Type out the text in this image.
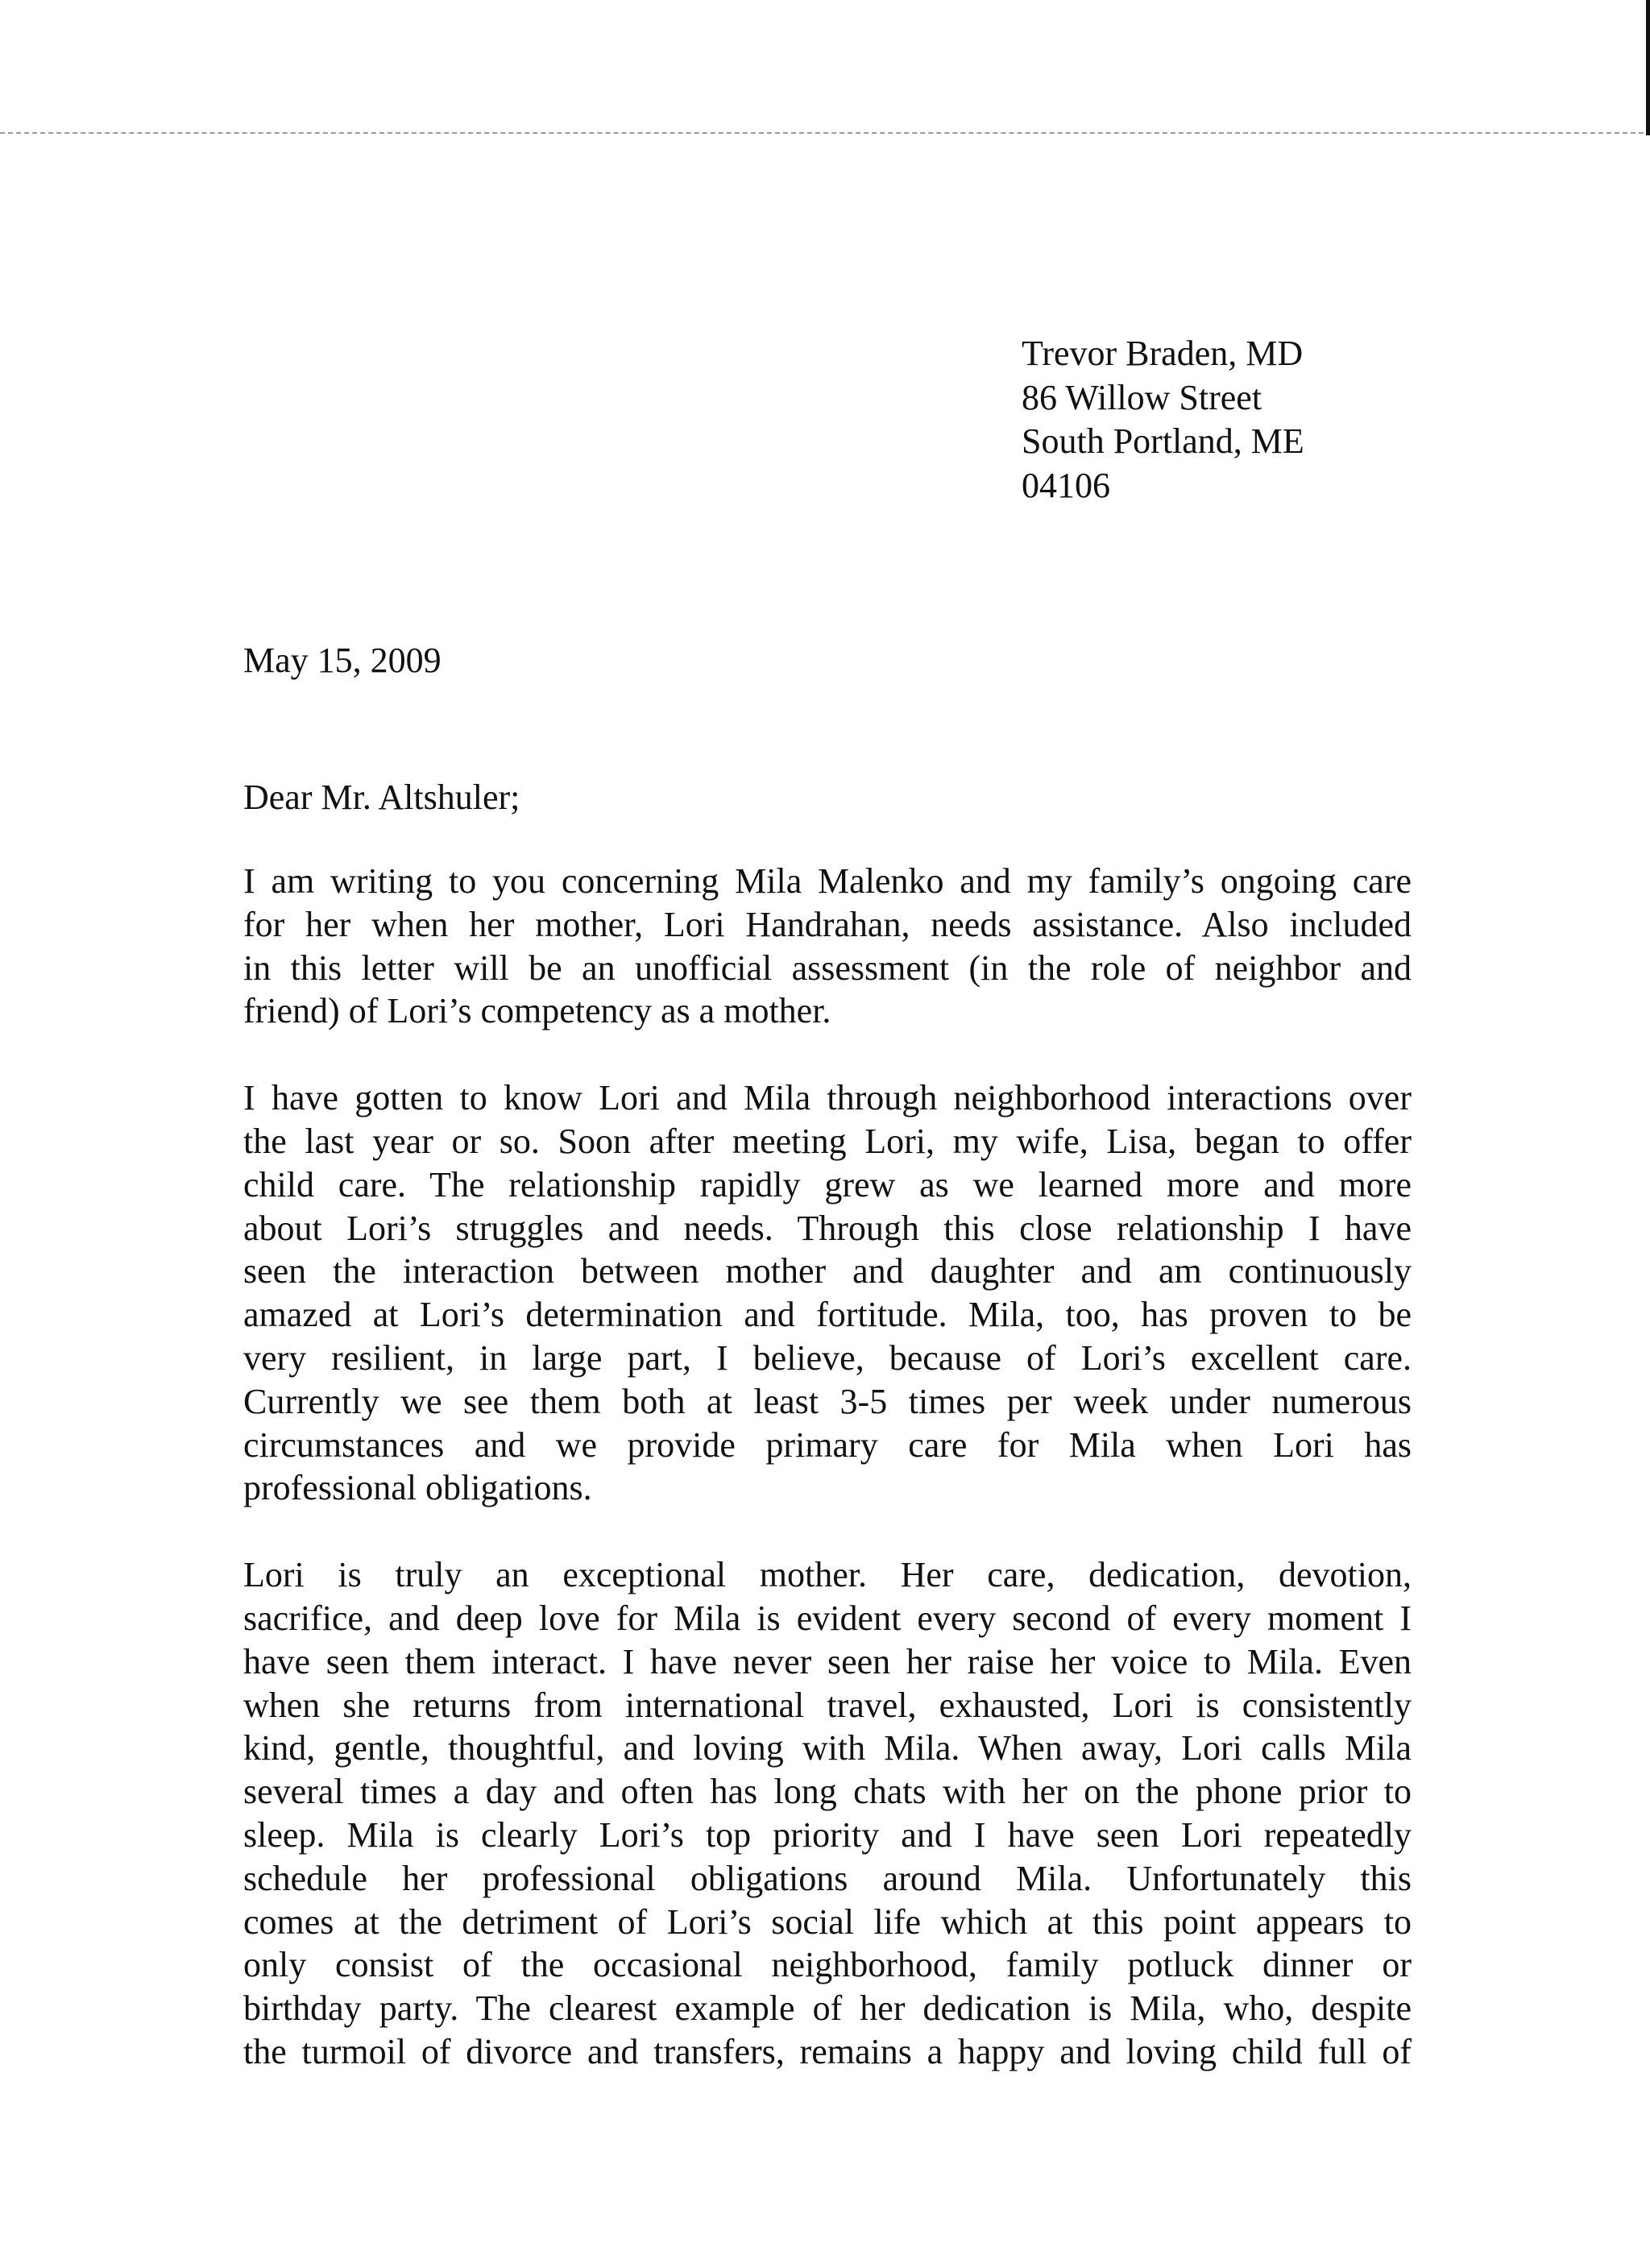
Trevor Braden, MD
86 Willow Street
South Portland, ME
04106
May 15, 2009
Dear Mr. Altshuler;
I am writing to you concerning Mila Malenko and my family’s ongoing care
for her when her mother, Lori Handrahan, needs assistance. Also included
in this letter will be an unofficial assessment (in the role of neighbor and
friend) of Lori’s competency as a mother.
I have gotten to know Lori and Mila through neighborhood interactions over
the last year or so. Soon after meeting Lori, my wife, Lisa, began to offer
child care. The relationship rapidly grew as we learned more and more
about Lori’s struggles and needs. Through this close relationship I have
seen the interaction between mother and daughter and am continuously
amazed at Lori’s determination and fortitude. Mila, too, has proven to be
very resilient, in large part, I believe, because of Lori’s excellent care.
Currently we see them both at least 3-5 times per week under numerous
circumstances and we provide primary care for Mila when Lori has
professional obligations.
Lori is truly an exceptional mother. Her care, dedication, devotion,
sacrifice, and deep love for Mila is evident every second of every moment I
have seen them interact. I have never seen her raise her voice to Mila. Even
when she returns from international travel, exhausted, Lori is consistently
kind, gentle, thoughtful, and loving with Mila. When away, Lori calls Mila
several times a day and often has long chats with her on the phone prior to
sleep. Mila is clearly Lori’s top priority and I have seen Lori repeatedly
schedule her professional obligations around Mila. Unfortunately this
comes at the detriment of Lori’s social life which at this point appears to
only consist of the occasional neighborhood, family potluck dinner or
birthday party. The clearest example of her dedication is Mila, who, despite
the turmoil of divorce and transfers, remains a happy and loving child full of
